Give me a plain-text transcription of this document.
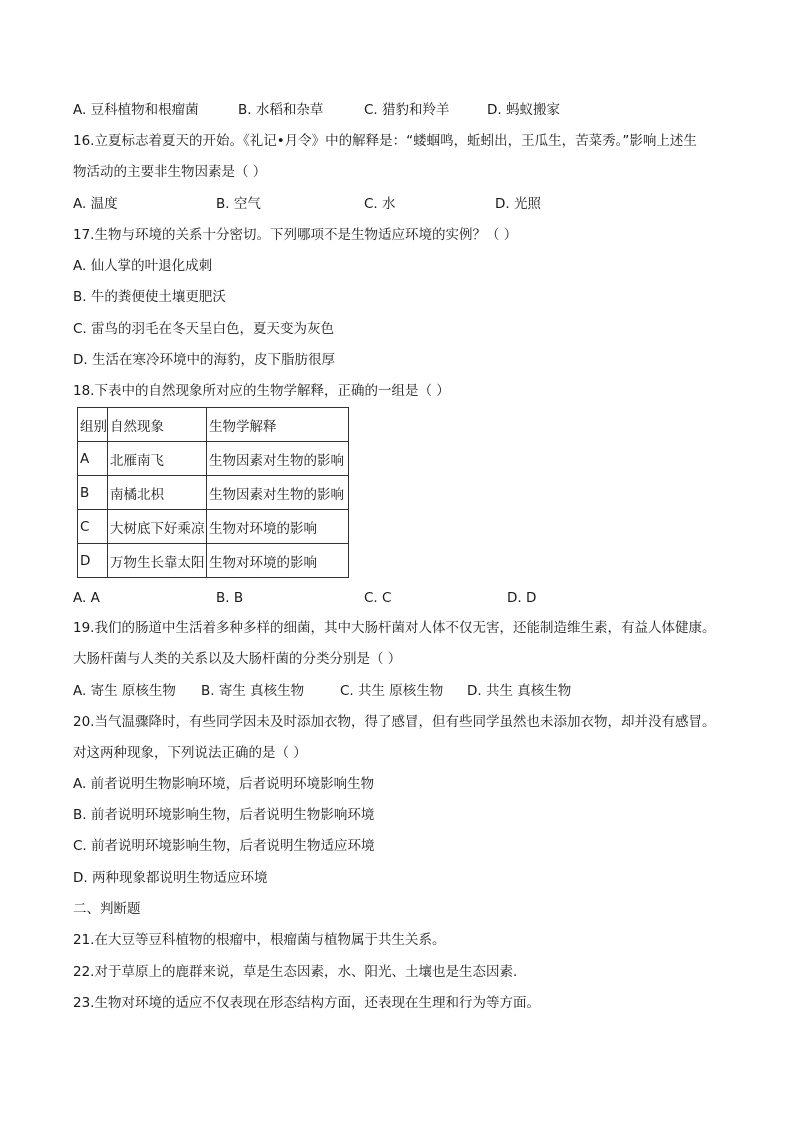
A. 豆科植物和根瘤菌	B. 水稻和杂草	C. 猎豹和羚羊	D. 蚂蚁搬家
16.立夏标志着夏天的开始。《礼记•月令》中的解释是：“蝼蝈鸣，蚯蚓出，王瓜生，苦菜秀。”影响上述生
物活动的主要非生物因素是（ ）
A. 温度	B. 空气	C. 水	D. 光照
17.生物与环境的关系十分密切。下列哪项不是生物适应环境的实例？（ ）
A. 仙人掌的叶退化成刺
B. 牛的粪便使土壤更肥沃
C. 雷鸟的羽毛在冬天呈白色，夏天变为灰色
D. 生活在寒冷环境中的海豹，皮下脂肪很厚
18.下表中的自然现象所对应的生物学解释，正确的一组是（ ）
组别	自然现象	生物学解释
A	北雁南飞	生物因素对生物的影响
B	南橘北枳	生物因素对生物的影响
C	大树底下好乘凉	生物对环境的影响
D	万物生长靠太阳	生物对环境的影响
A. A	B. B	C. C	D. D
19.我们的肠道中生活着多种多样的细菌，其中大肠杆菌对人体不仅无害，还能制造维生素，有益人体健康。
大肠杆菌与人类的关系以及大肠杆菌的分类分别是（ ）
A. 寄生 原核生物 B. 寄生 真核生物	C. 共生 原核生物 D. 共生 真核生物
20.当气温骤降时，有些同学因未及时添加衣物，得了感冒，但有些同学虽然也未添加衣物，却并没有感冒。
对这两种现象，下列说法正确的是（ ）
A. 前者说明生物影响环境，后者说明环境影响生物
B. 前者说明环境影响生物，后者说明生物影响环境
C. 前者说明环境影响生物，后者说明生物适应环境
D. 两种现象都说明生物适应环境
二、判断题
21.在大豆等豆科植物的根瘤中，根瘤菌与植物属于共生关系。
22.对于草原上的鹿群来说，草是生态因素，水、阳光、土壤也是生态因素.
23.生物对环境的适应不仅表现在形态结构方面，还表现在生理和行为等方面。
